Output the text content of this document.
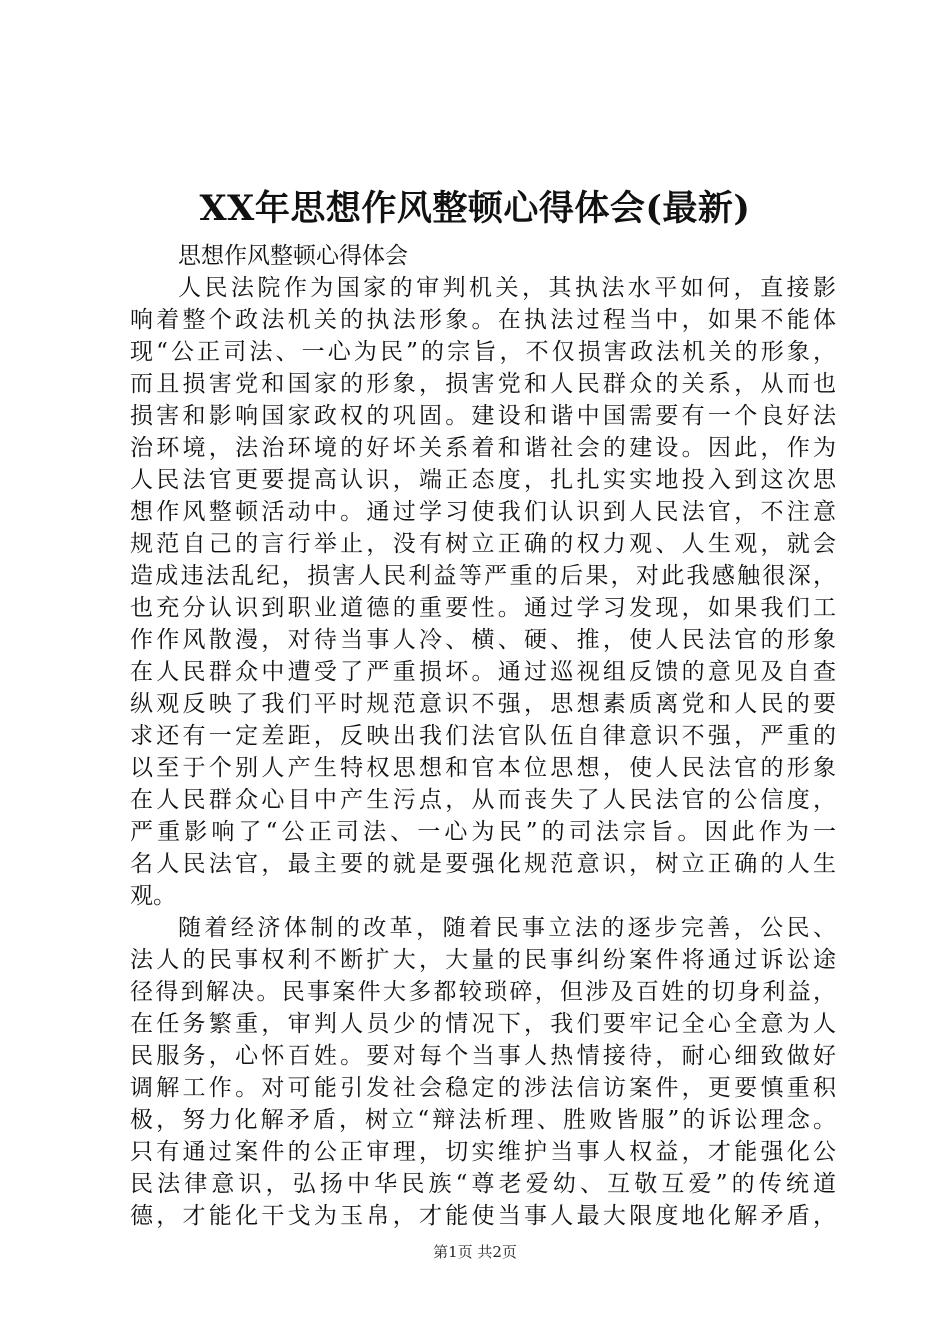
XX年思想作风整顿心得体会(最新)
思想作风整顿心得体会
人民法院作为国家的审判机关，其执法水平如何，直接影
响着整个政法机关的执法形象。在执法过程当中，如果不能体
现“公正司法、一心为民”的宗旨，不仅损害政法机关的形象，
而且损害党和国家的形象，损害党和人民群众的关系，从而也
损害和影响国家政权的巩固。建设和谐中国需要有一个良好法
治环境，法治环境的好坏关系着和谐社会的建设。因此，作为
人民法官更要提高认识，端正态度，扎扎实实地投入到这次思
想作风整顿活动中。通过学习使我们认识到人民法官，不注意
规范自己的言行举止，没有树立正确的权力观、人生观，就会
造成违法乱纪，损害人民利益等严重的后果，对此我感触很深，
也充分认识到职业道德的重要性。通过学习发现，如果我们工
作作风散漫，对待当事人冷、横、硬、推，使人民法官的形象
在人民群众中遭受了严重损坏。通过巡视组反馈的意见及自查
纵观反映了我们平时规范意识不强，思想素质离党和人民的要
求还有一定差距，反映出我们法官队伍自律意识不强，严重的
以至于个别人产生特权思想和官本位思想，使人民法官的形象
在人民群众心目中产生污点，从而丧失了人民法官的公信度，
严重影响了“公正司法、一心为民”的司法宗旨。因此作为一
名人民法官，最主要的就是要强化规范意识，树立正确的人生
观。
随着经济体制的改革，随着民事立法的逐步完善，公民、
法人的民事权利不断扩大，大量的民事纠纷案件将通过诉讼途
径得到解决。民事案件大多都较琐碎，但涉及百姓的切身利益，
在任务繁重，审判人员少的情况下，我们要牢记全心全意为人
民服务，心怀百姓。要对每个当事人热情接待，耐心细致做好
调解工作。对可能引发社会稳定的涉法信访案件，更要慎重积
极，努力化解矛盾，树立“辩法析理、胜败皆服”的诉讼理念。
只有通过案件的公正审理，切实维护当事人权益，才能强化公
民法律意识，弘扬中华民族“尊老爱幼、互敬互爱”的传统道
德，才能化干戈为玉帛，才能使当事人最大限度地化解矛盾，
第1页 共2页
